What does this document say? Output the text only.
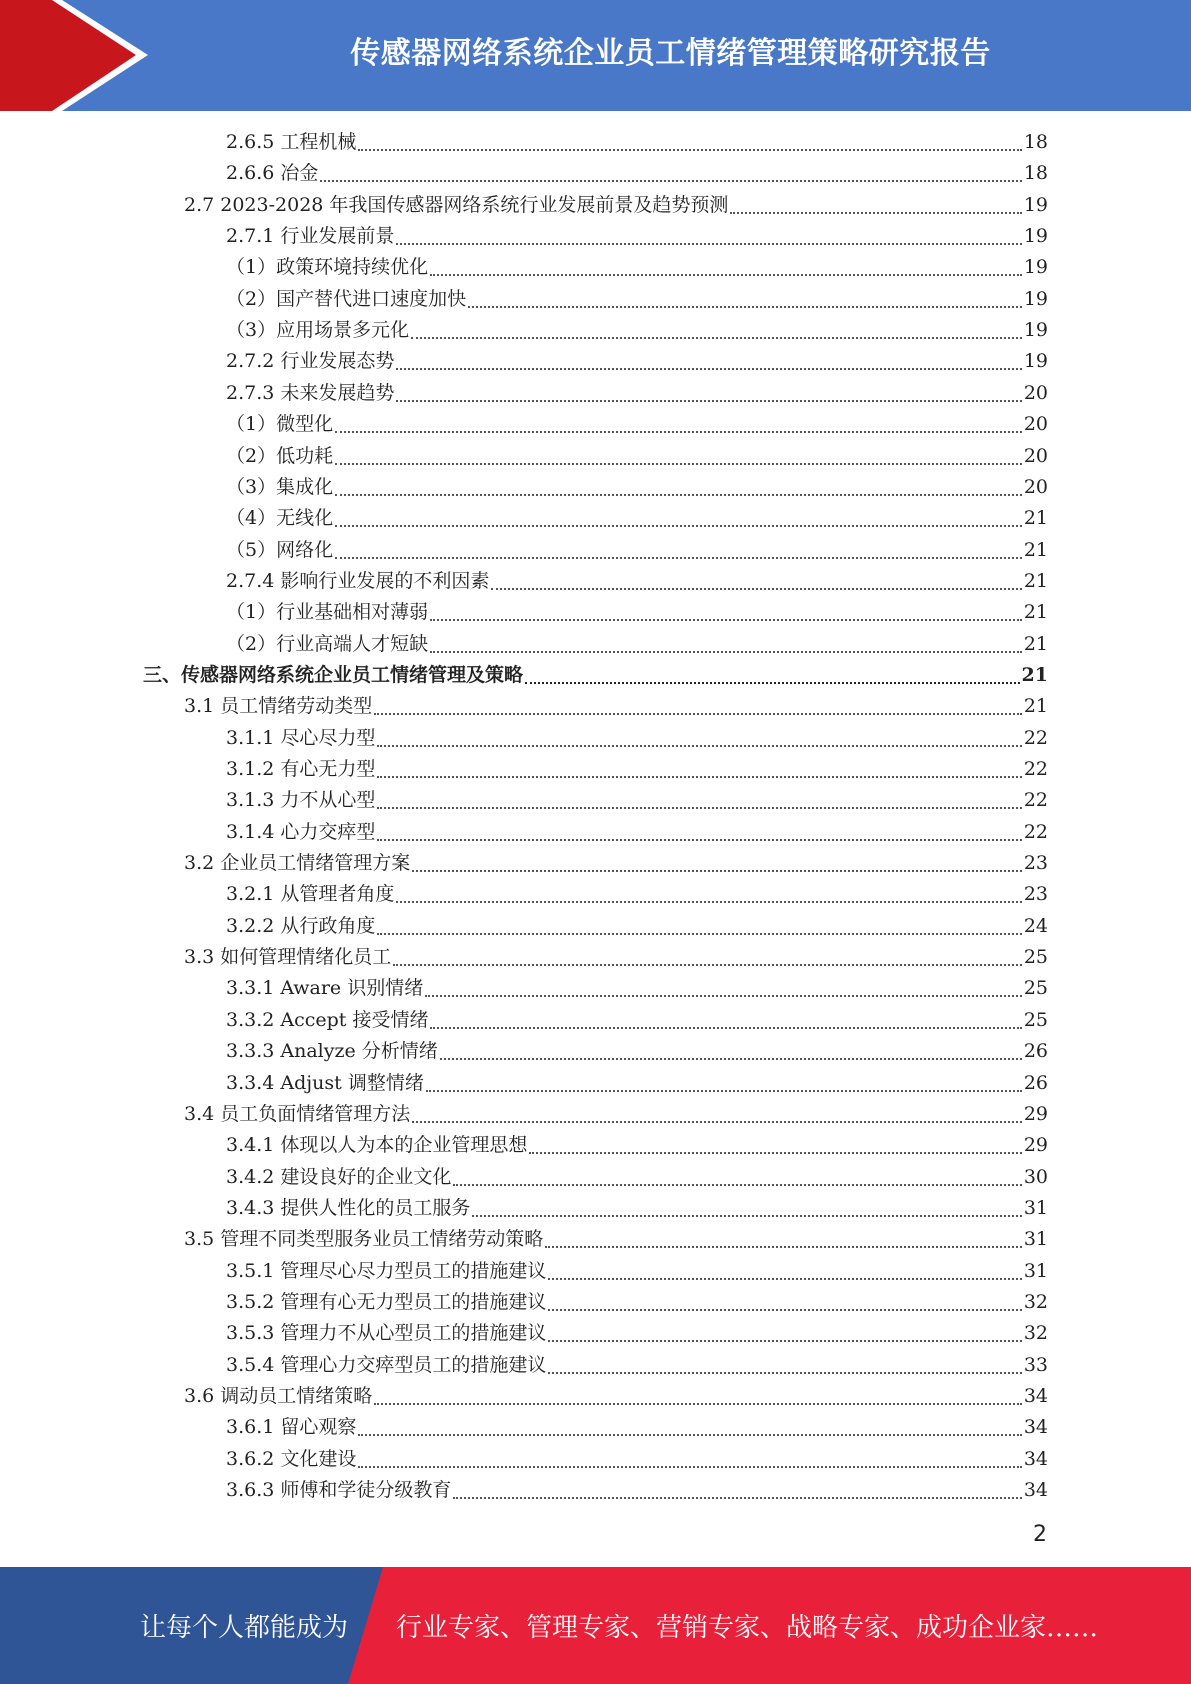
传感器网络系统企业员工情绪管理策略研究报告
2.6.5 工程机械	18
2.6.6 冶金	18
2.7 2023-2028 年我国传感器网络系统行业发展前景及趋势预测	19
2.7.1 行业发展前景	19
（1）政策环境持续优化	19
（2）国产替代进口速度加快	19
（3）应用场景多元化	19
2.7.2 行业发展态势	19
2.7.3 未来发展趋势	20
（1）微型化	20
（2）低功耗	20
（3）集成化	20
（4）无线化	21
（5）网络化	21
2.7.4 影响行业发展的不利因素	21
（1）行业基础相对薄弱	21
（2）行业高端人才短缺	21
三、传感器网络系统企业员工情绪管理及策略	21
3.1 员工情绪劳动类型	21
3.1.1 尽心尽力型	22
3.1.2 有心无力型	22
3.1.3 力不从心型	22
3.1.4 心力交瘁型	22
3.2 企业员工情绪管理方案	23
3.2.1 从管理者角度	23
3.2.2 从行政角度	24
3.3 如何管理情绪化员工	25
3.3.1 Aware 识别情绪	25
3.3.2 Accept 接受情绪	25
3.3.3 Analyze 分析情绪	26
3.3.4 Adjust 调整情绪	26
3.4 员工负面情绪管理方法	29
3.4.1 体现以人为本的企业管理思想	29
3.4.2 建设良好的企业文化	30
3.4.3 提供人性化的员工服务	31
3.5 管理不同类型服务业员工情绪劳动策略	31
3.5.1 管理尽心尽力型员工的措施建议	31
3.5.2 管理有心无力型员工的措施建议	32
3.5.3 管理力不从心型员工的措施建议	32
3.5.4 管理心力交瘁型员工的措施建议	33
3.6 调动员工情绪策略	34
3.6.1 留心观察	34
3.6.2 文化建设	34
3.6.3 师傅和学徒分级教育	34
2
让每个人都能成为 行业专家、管理专家、营销专家、战略专家、成功企业家……
